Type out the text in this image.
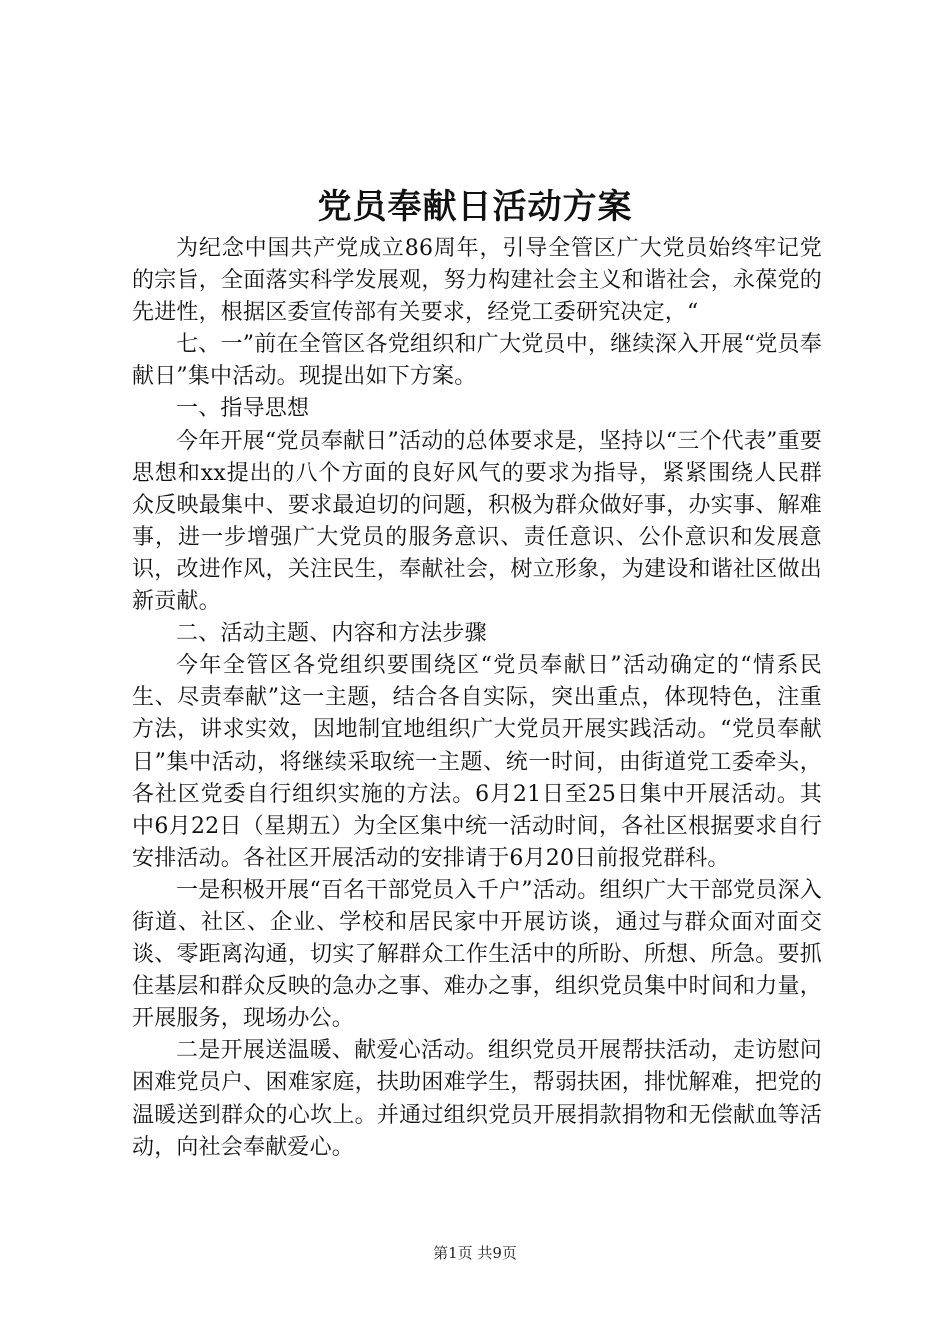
党员奉献日活动方案

为纪念中国共产党成立86周年，引导全管区广大党员始终牢记党的宗旨，全面落实科学发展观，努力构建社会主义和谐社会，永葆党的先进性，根据区委宣传部有关要求，经党工委研究决定，“

七、一”前在全管区各党组织和广大党员中，继续深入开展“党员奉献日”集中活动。现提出如下方案。

一、指导思想

今年开展“党员奉献日”活动的总体要求是，坚持以“三个代表”重要思想和xx提出的八个方面的良好风气的要求为指导，紧紧围绕人民群众反映最集中、要求最迫切的问题，积极为群众做好事，办实事、解难事，进一步增强广大党员的服务意识、责任意识、公仆意识和发展意识，改进作风，关注民生，奉献社会，树立形象，为建设和谐社区做出新贡献。

二、活动主题、内容和方法步骤

今年全管区各党组织要围绕区“党员奉献日”活动确定的“情系民生、尽责奉献”这一主题，结合各自实际，突出重点，体现特色，注重方法，讲求实效，因地制宜地组织广大党员开展实践活动。“党员奉献日”集中活动，将继续采取统一主题、统一时间，由街道党工委牵头，各社区党委自行组织实施的方法。6月21日至25日集中开展活动。其中6月22日（星期五）为全区集中统一活动时间，各社区根据要求自行安排活动。各社区开展活动的安排请于6月20日前报党群科。

一是积极开展“百名干部党员入千户”活动。组织广大干部党员深入街道、社区、企业、学校和居民家中开展访谈，通过与群众面对面交谈、零距离沟通，切实了解群众工作生活中的所盼、所想、所急。要抓住基层和群众反映的急办之事、难办之事，组织党员集中时间和力量，开展服务，现场办公。

二是开展送温暖、献爱心活动。组织党员开展帮扶活动，走访慰问困难党员户、困难家庭，扶助困难学生，帮弱扶困，排忧解难，把党的温暖送到群众的心坎上。并通过组织党员开展捐款捐物和无偿献血等活动，向社会奉献爱心。

第1页 共9页
